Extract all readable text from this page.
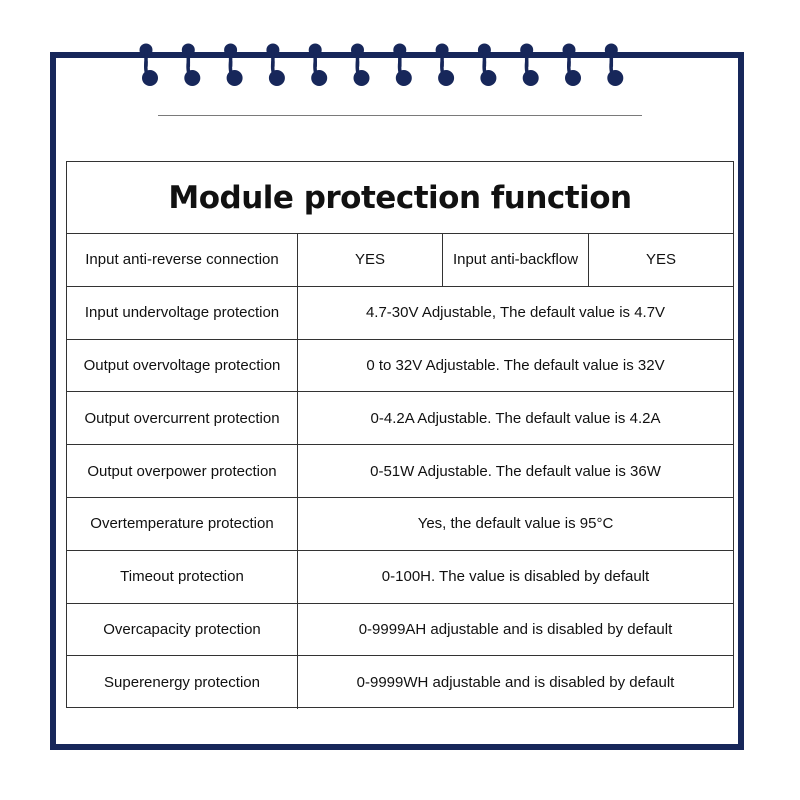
Module protection function
Input anti-reverse connection	YES	Input anti-backflow	YES
Input undervoltage protection	4.7-30V Adjustable, The default value is 4.7V
Output overvoltage protection	0 to 32V Adjustable. The default value is 32V
Output overcurrent protection	0-4.2A Adjustable. The default value is 4.2A
Output overpower protection	0-51W Adjustable. The default value is 36W
Overtemperature protection	Yes, the default value is 95°C
Timeout protection	0-100H. The value is disabled by default
Overcapacity protection	0-9999AH adjustable and is disabled by default
Superenergy protection	0-9999WH adjustable and is disabled by default
